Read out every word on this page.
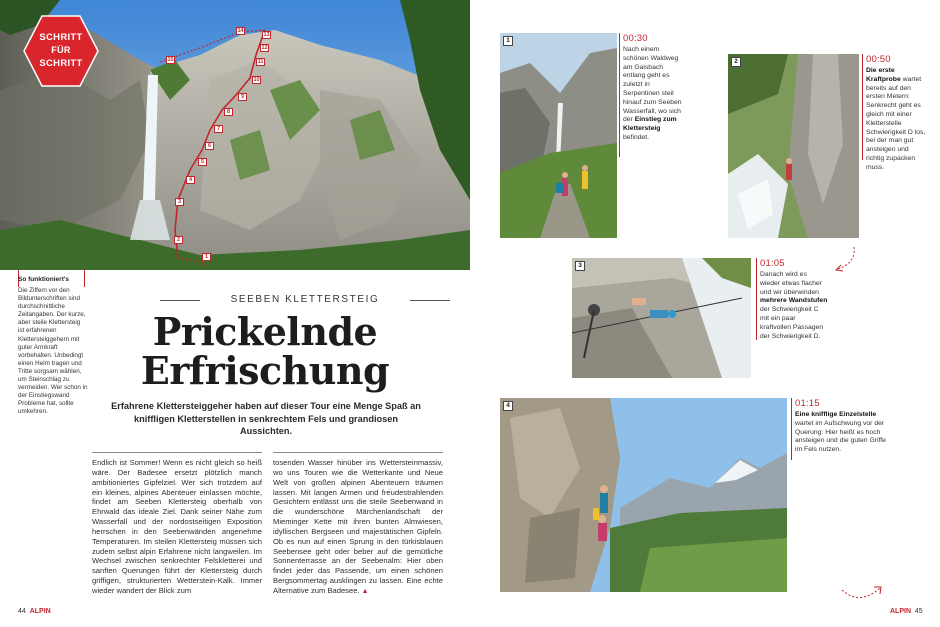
1
2
3
4
5
6
7
8
9
10
11
12
13
14
15
SCHRITT
FÜR
SCHRITT
So funktioniert's
Die Ziffern vor den Bildunterschriften sind durchschnittliche Zeitangaben. Der kurze, aber steile Klettersteig ist erfahrenen Klettersteiggehern mit guter Armkraft vorbehalten. Unbedingt einen Helm tragen und Tritte sorgsam wählen, um Steinschlag zu vermeiden. Wer schon in der Einstiegswand Probleme hat, sollte umkehren.
SEEBEN KLETTERSTEIG
Prickelnde
Erfrischung
Erfahrene Klettersteiggeher haben auf dieser Tour eine Menge Spaß an kniffligen Kletterstellen in senkrechtem Fels und grandiosen Aussichten.
Endlich ist Sommer! Wenn es nicht gleich so heiß wäre. Der Badesee ersetzt plötzlich manch ambitioniertes Gipfelziel. Wer sich trotzdem auf ein kleines, alpines Abenteuer einlassen möchte, findet am Seeben Klettersteig oberhalb von Ehrwald das ideale Ziel. Dank seiner Nähe zum Wasserfall und der nordostseitigen Exposition herrschen in den Seebenwänden angenehme Temperaturen. Im steilen Klettersteig müssen sich zudem selbst alpin Erfahrene nicht langweilen. Im Wechsel zwischen senkrechter Felskletterei und sanften Querungen führt der Klettersteig durch griffigen, strukturierten Wetterstein-Kalk. Immer wieder wandert der Blick zum
tosenden Wasser hinüber ins Wettersteinmassiv, wo uns Touren wie die Wetterkante und Neue Welt von großen alpinen Abenteuern träumen lassen. Mit langen Armen und freudestrahlenden Gesichtern entlässt uns die steile Seebenwand in die wunderschöne Märchenlandschaft der Mieminger Kette mit ihren bunten Almwiesen, idyllischen Bergseen und majestätischen Gipfeln. Ob es nun auf einen Sprung in den türkisblauen Seebensee geht oder beber auf die gemütliche Sonnenterrasse an der Seebenalm: Hier oben findet jeder das Passende, um einen schönen Bergsommertag ausklingen zu lassen. Eine echte Alternative zum Badesee. ▲
44 ALPIN	ALPIN 45
1	00:30
Nach einem schönen Waldweg am Gaisbach entlang geht es zuletzt in Serpentinen steil hinauf zum Seeben Wasserfall, wo sich der Einstieg zum Klettersteig befindet.
2	00:50
Die erste Kraftprobe wartet bereits auf den ersten Metern: Senkrecht geht es gleich mit einer Kletterstelle Schwierigkeit D los, bei der man gut ansteigen und richtig zupacken muss.
3	01:05
Danach wird es wieder etwas flacher und wir überwinden mehrere Wandstufen der Schwierigkeit C mit ein paar kraftvollen Passagen der Schwierigkeit D.
4	01:15
Eine knifflige Einzelstelle wartet im Aufschwung vor der Querung: Hier heißt es hoch ansteigen und die guten Griffe im Fels nutzen.
